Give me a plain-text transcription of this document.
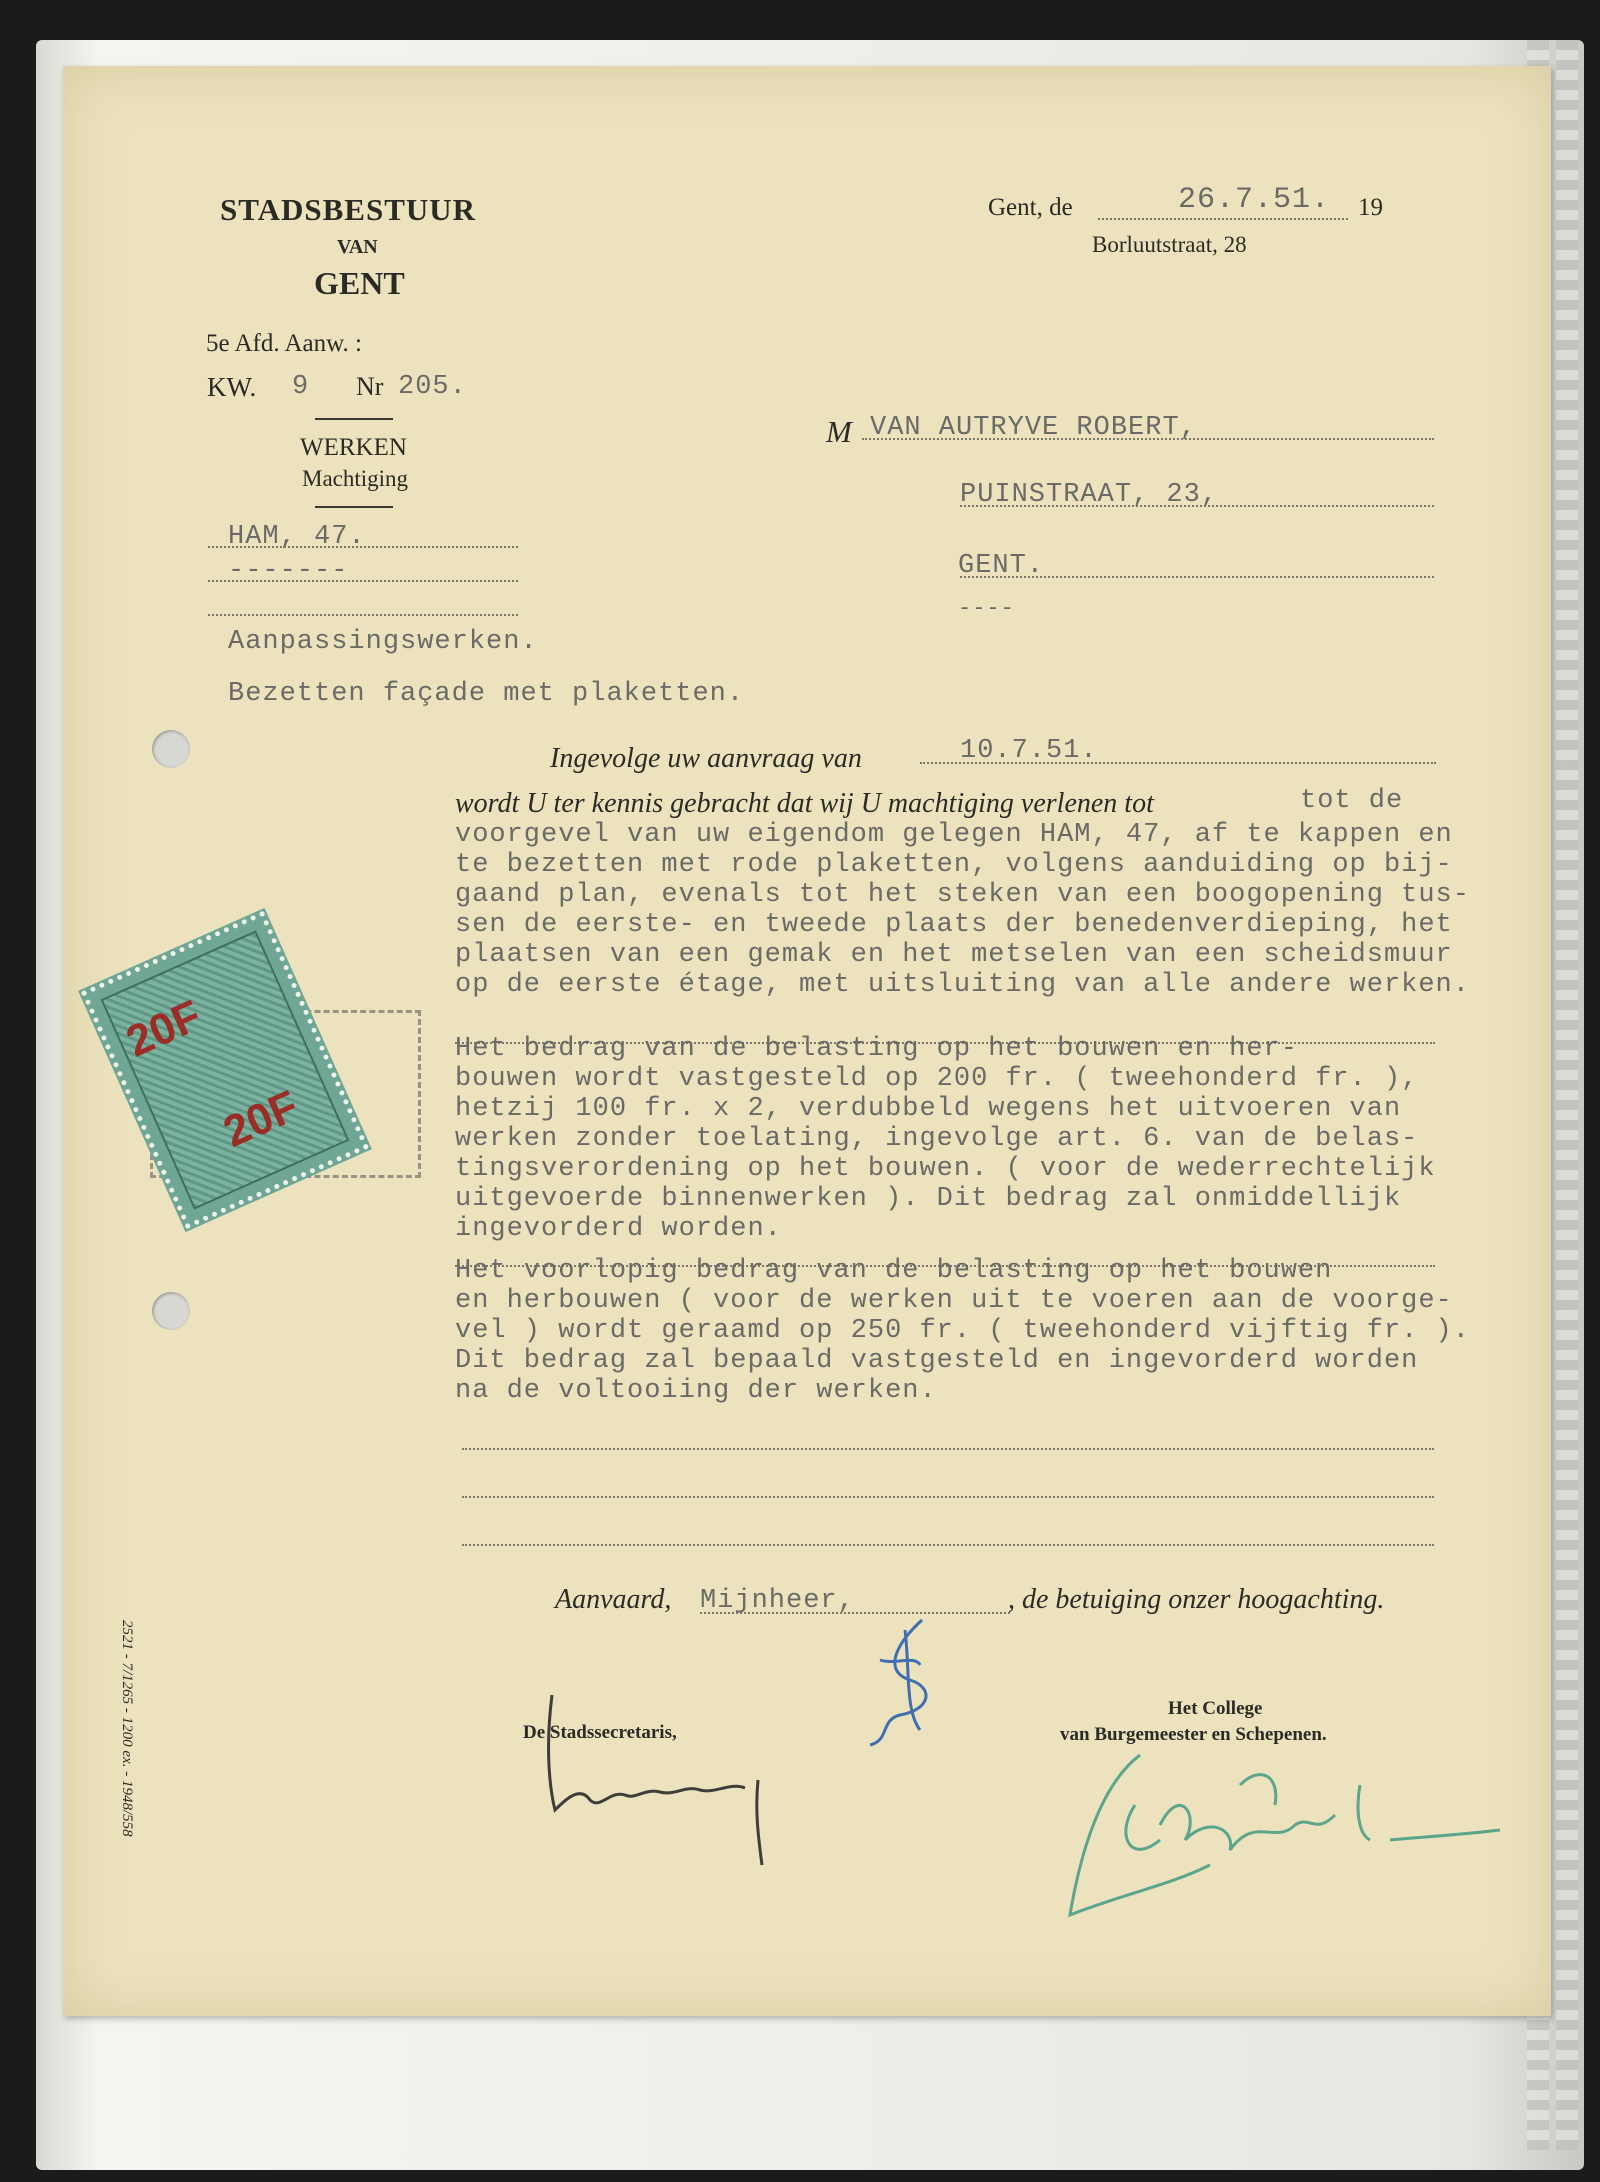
STADSBESTUUR
VAN
GENT
5e Afd. Aanw. :
KW. 9 Nr 205.
WERKEN
Machtiging
Gent, de	26.7.51. 19
Borluutstraat, 28
HAM, 47.
-------
Aanpassingswerken.
Bezetten façade met plaketten.
M VAN AUTRYVE ROBERT,
PUINSTRAAT, 23,
GENT.
----
Ingevolge uw aanvraag van	10.7.51.
wordt U ter kennis gebracht dat wij U machtiging verlenen tot	tot de
voorgevel van uw eigendom gelegen HAM, 47, af te kappen en
te bezetten met rode plaketten, volgens aanduiding op bij-
gaand plan, evenals tot het steken van een boogopening tus-
sen de eerste- en tweede plaats der benedenverdieping, het
plaatsen van een gemak en het metselen van een scheidsmuur
op de eerste étage, met uitsluiting van alle andere werken.
Het bedrag van de belasting op het bouwen en her-
bouwen wordt vastgesteld op 200 fr. ( tweehonderd fr. ),
hetzij 100 fr. x 2, verdubbeld wegens het uitvoeren van
werken zonder toelating, ingevolge art. 6. van de belas-
tingsverordening op het bouwen. ( voor de wederrechtelijk
uitgevoerde binnenwerken ). Dit bedrag zal onmiddellijk
ingevorderd worden.
Het voorlopig bedrag van de belasting op het bouwen
en herbouwen ( voor de werken uit te voeren aan de voorge-
vel ) wordt geraamd op 250 fr. ( tweehonderd vijftig fr. ).
Dit bedrag zal bepaald vastgesteld en ingevorderd worden
na de voltooiing der werken.
Aanvaard, Mijnheer,	, de betuiging onzer hoogachting.
De Stadssecretaris,
Het College
van Burgemeester en Schepenen.
20F
20F
2521 - 7/1265 - 1200 ex. - 1948/558
